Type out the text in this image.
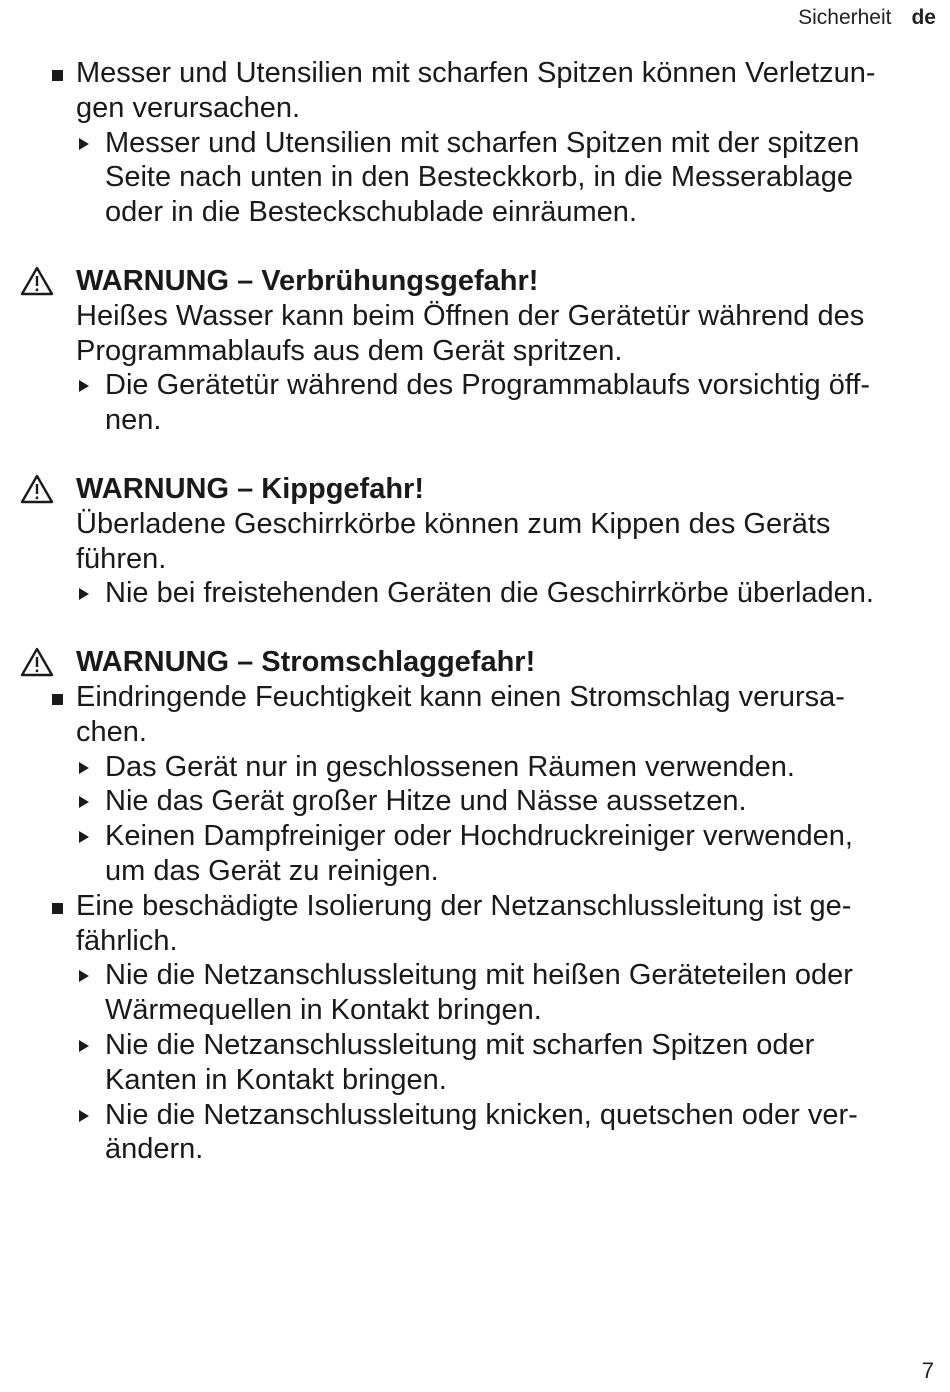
Sicherheit de
Messer und Utensilien mit scharfen Spitzen können Verletzun-
gen verursachen.
Messer und Utensilien mit scharfen Spitzen mit der spitzen
Seite nach unten in den Besteckkorb, in die Messerablage
oder in die Besteckschublade einräumen.
WARNUNG – Verbrühungsgefahr!
Heißes Wasser kann beim Öffnen der Gerätetür während des
Programmablaufs aus dem Gerät spritzen.
Die Gerätetür während des Programmablaufs vorsichtig öff-
nen.
WARNUNG – Kippgefahr!
Überladene Geschirrkörbe können zum Kippen des Geräts
führen.
Nie bei freistehenden Geräten die Geschirrkörbe überladen.
WARNUNG – Stromschlaggefahr!
Eindringende Feuchtigkeit kann einen Stromschlag verursa-
chen.
Das Gerät nur in geschlossenen Räumen verwenden.
Nie das Gerät großer Hitze und Nässe aussetzen.
Keinen Dampfreiniger oder Hochdruckreiniger verwenden,
um das Gerät zu reinigen.
Eine beschädigte Isolierung der Netzanschlussleitung ist ge-
fährlich.
Nie die Netzanschlussleitung mit heißen Geräteteilen oder
Wärmequellen in Kontakt bringen.
Nie die Netzanschlussleitung mit scharfen Spitzen oder
Kanten in Kontakt bringen.
Nie die Netzanschlussleitung knicken, quetschen oder ver-
ändern.
7
